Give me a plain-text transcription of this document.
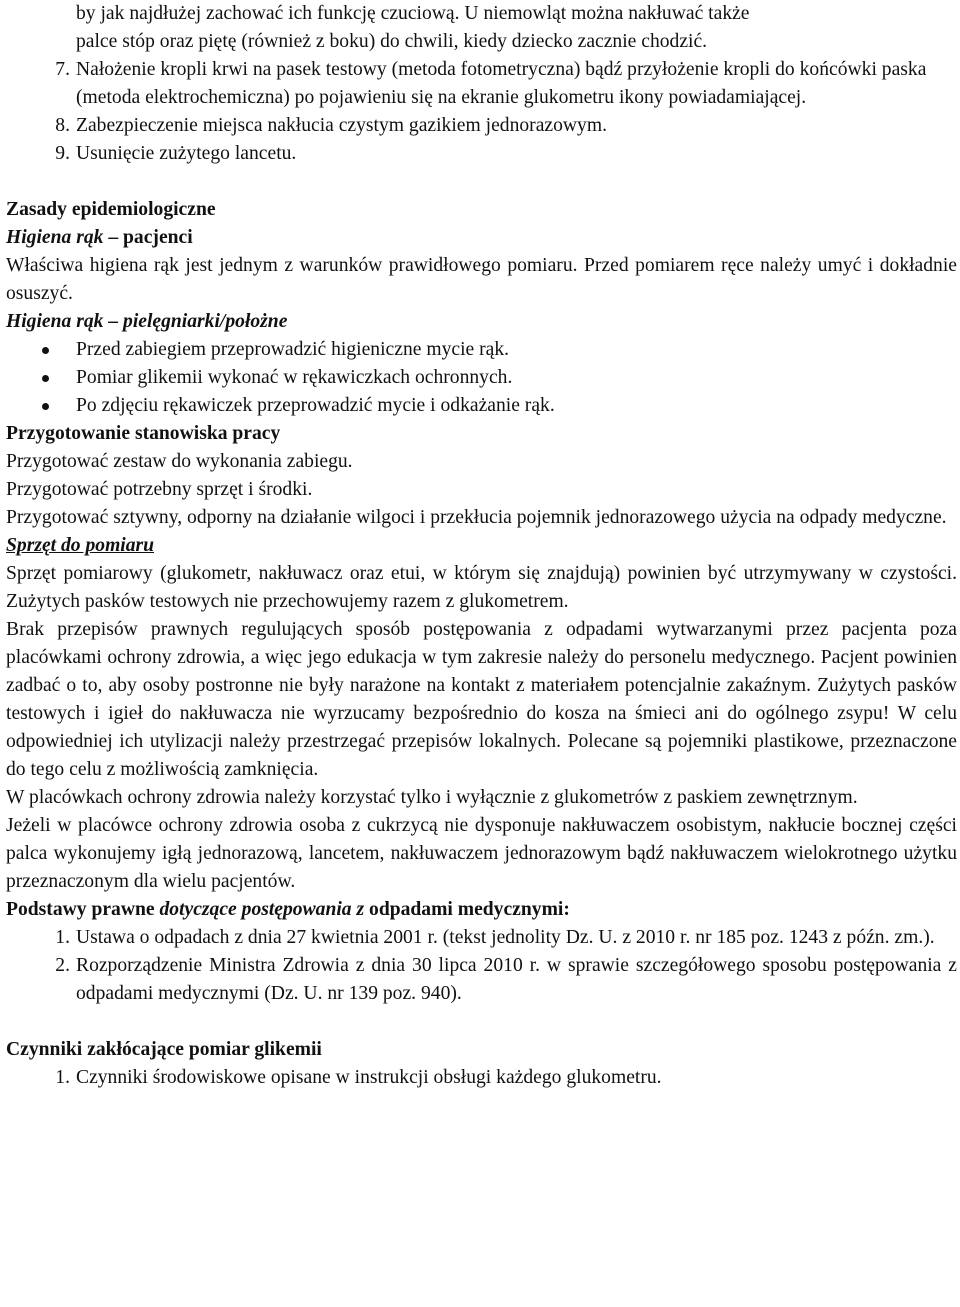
by jak najdłużej zachować ich funkcję czuciową. U niemowląt można nakłuwać także

palce stóp oraz piętę (również z boku) do chwili, kiedy dziecko zacznie chodzić.

7. Nałożenie kropli krwi na pasek testowy (metoda fotometryczna) bądź przyłożenie kropli do końcówki paska (metoda elektrochemiczna) po pojawieniu się na ekranie glukometru ikony powiadamiającej.
8. Zabezpieczenie miejsca nakłucia czystym gazikiem jednorazowym.
9. Usunięcie zużytego lancetu.

Zasady epidemiologiczne

Higiena rąk – pacjenci

Właściwa higiena rąk jest jednym z warunków prawidłowego pomiaru. Przed pomiarem ręce należy umyć i dokładnie osuszyć.

Higiena rąk – pielęgniarki/położne

Przed zabiegiem przeprowadzić higieniczne mycie rąk.
Pomiar glikemii wykonać w rękawiczkach ochronnych.
Po zdjęciu rękawiczek przeprowadzić mycie i odkażanie rąk.

Przygotowanie stanowiska pracy

Przygotować zestaw do wykonania zabiegu.

Przygotować potrzebny sprzęt i środki.

Przygotować sztywny, odporny na działanie wilgoci i przekłucia pojemnik jednorazowego użycia na odpady medyczne.

Sprzęt do pomiaru

Sprzęt pomiarowy (glukometr, nakłuwacz oraz etui, w którym się znajdują) powinien być utrzymywany w czystości. Zużytych pasków testowych nie przechowujemy razem z glukometrem.

Brak przepisów prawnych regulujących sposób postępowania z odpadami wytwarzanymi przez pacjenta poza placówkami ochrony zdrowia, a więc jego edukacja w tym zakresie należy do personelu medycznego. Pacjent powinien zadbać o to, aby osoby postronne nie były narażone na kontakt z materiałem potencjalnie zakaźnym. Zużytych pasków testowych i igieł do nakłuwacza nie wyrzucamy bezpośrednio do kosza na śmieci ani do ogólnego zsypu! W celu odpowiedniej ich utylizacji należy przestrzegać przepisów lokalnych. Polecane są pojemniki plastikowe, przeznaczone do tego celu z możliwością zamknięcia.

W placówkach ochrony zdrowia należy korzystać tylko i wyłącznie z glukometrów z paskiem zewnętrznym.

Jeżeli w placówce ochrony zdrowia osoba z cukrzycą nie dysponuje nakłuwaczem osobistym, nakłucie bocznej części palca wykonujemy igłą jednorazową, lancetem, nakłuwaczem jednorazowym bądź nakłuwaczem wielokrotnego użytku przeznaczonym dla wielu pacjentów.

Podstawy prawne dotyczące postępowania z odpadami medycznymi:

1. Ustawa o odpadach z dnia 27 kwietnia 2001 r. (tekst jednolity Dz. U. z 2010 r. nr 185 poz. 1243 z późn. zm.).
2. Rozporządzenie Ministra Zdrowia z dnia 30 lipca 2010 r. w sprawie szczegółowego sposobu postępowania z odpadami medycznymi (Dz. U. nr 139 poz. 940).

Czynniki zakłócające pomiar glikemii

1. Czynniki środowiskowe opisane w instrukcji obsługi każdego glukometru.
